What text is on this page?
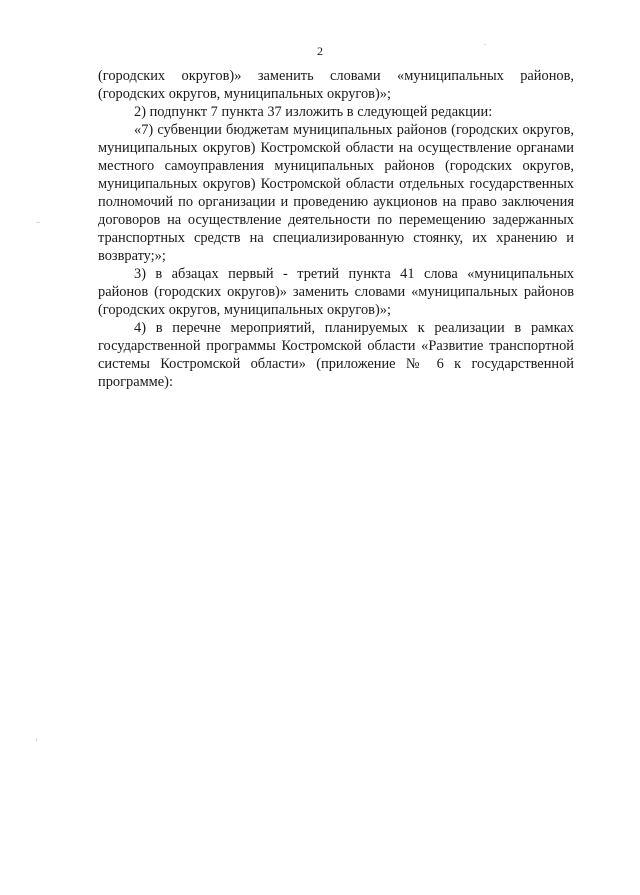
2

(городских округов)» заменить словами «муниципальных районов, (городских округов, муниципальных округов)»;

2) подпункт 7 пункта 37 изложить в следующей редакции:

«7) субвенции бюджетам муниципальных районов (городских округов, муниципальных округов) Костромской области на осуществление органами местного самоуправления муниципальных районов (городских округов, муниципальных округов) Костромской области отдельных государственных полномочий по организации и проведению аукционов на право заключения договоров на осуществление деятельности по перемещению задержанных транспортных средств на специализированную стоянку, их хранению и возврату;»;

3) в абзацах первый - третий пункта 41 слова «муниципальных районов (городских округов)» заменить словами «муниципальных районов (городских округов, муниципальных округов)»;

4) в перечне мероприятий, планируемых к реализации в рамках государственной программы Костромской области «Развитие транспортной системы Костромской области» (приложение № 6 к государственной программе):
